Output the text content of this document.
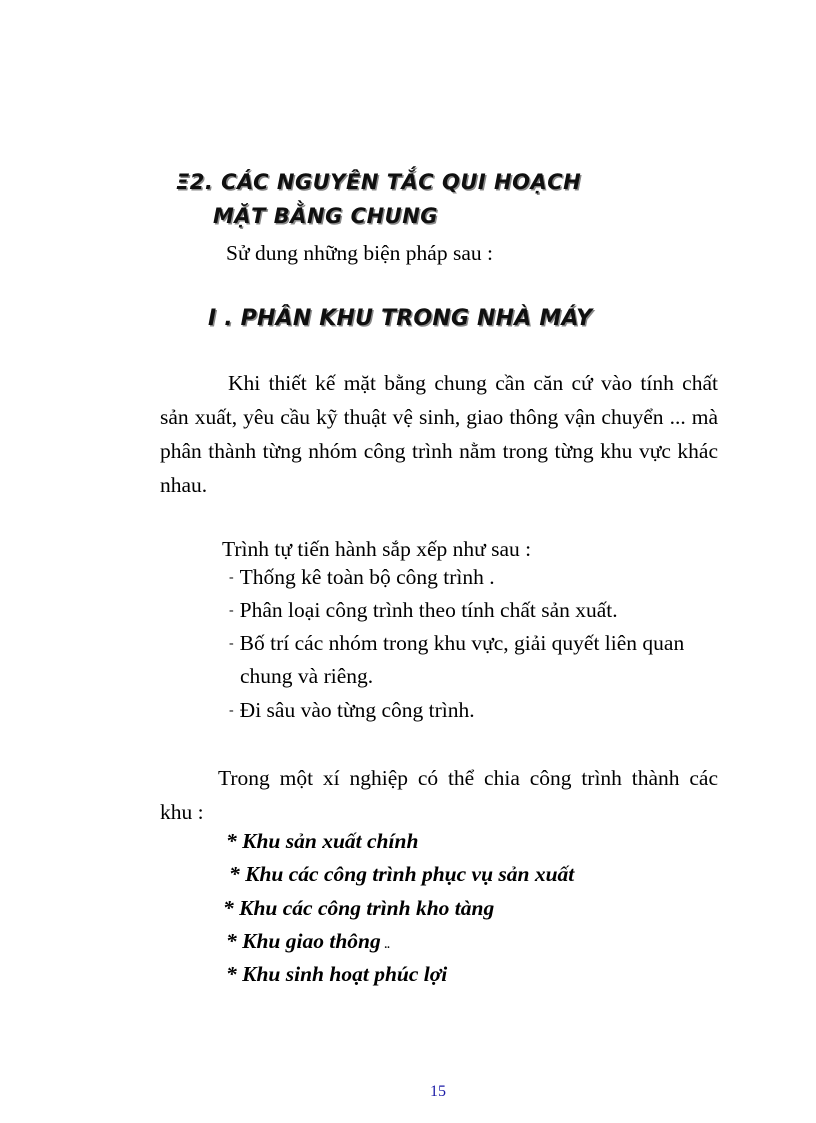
Ξ2. CÁC NGUYÊN TẮC QUI HOẠCH
MẶT BẰNG CHUNG
Sử dung những biện pháp sau :
I . PHÂN KHU TRONG NHÀ MÁY
Khi thiết kế mặt bằng chung cần căn cứ vào tính chất sản xuất, yêu cầu kỹ thuật vệ sinh, giao thông vận chuyển ... mà phân thành từng nhóm công trình nằm trong từng khu vực khác nhau.
Trình tự tiến hành sắp xếp như sau :
- Thống kê toàn bộ công trình .
- Phân loại công trình theo tính chất sản xuất.
- Bố trí các nhóm trong khu vực, giải quyết liên quan
chung và riêng.
- Đi sâu vào từng công trình.
Trong một xí nghiệp có thể chia công trình thành các
khu :
* Khu sản xuất chính
* Khu các công trình phục vụ sản xuất
* Khu các công trình kho tàng
* Khu giao thông ..
* Khu sinh hoạt phúc lợi
15
